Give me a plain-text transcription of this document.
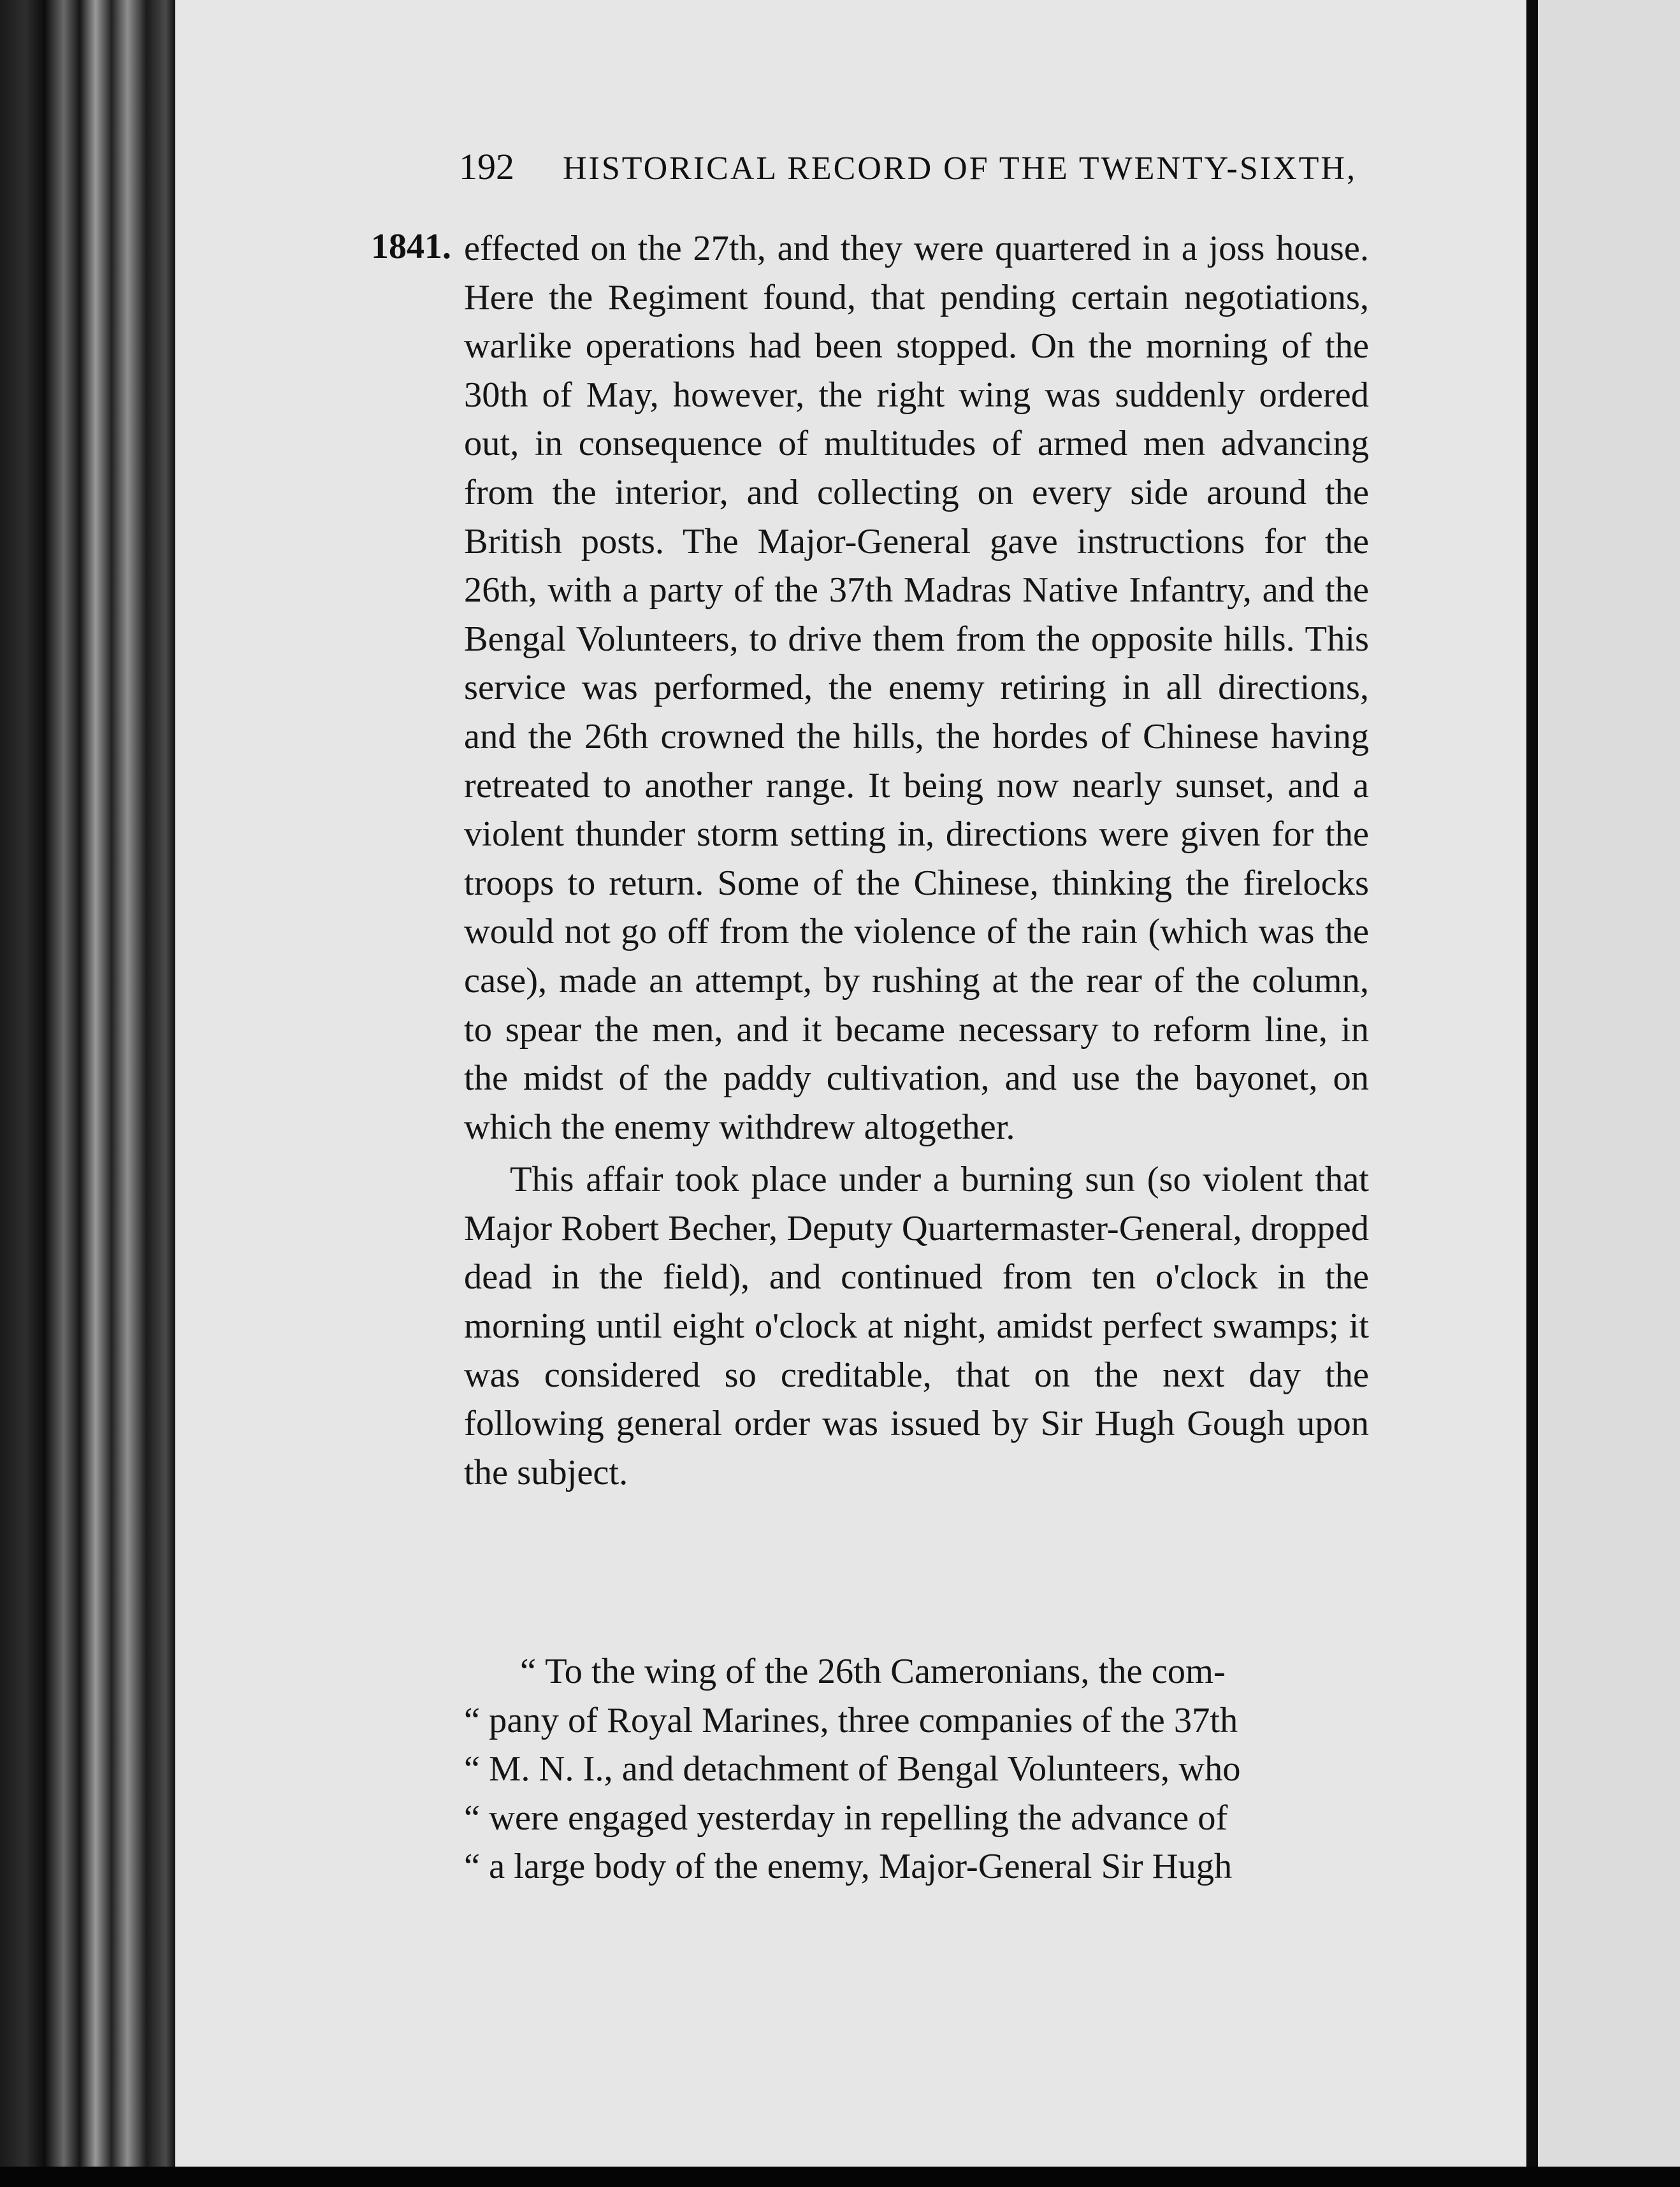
192 HISTORICAL RECORD OF THE TWENTY-SIXTH,
1841. effected on the 27th, and they were quartered in a joss house. Here the Regiment found, that pending certain negotiations, warlike operations had been stopped. On the morning of the 30th of May, however, the right wing was suddenly ordered out, in consequence of multitudes of armed men advancing from the interior, and collecting on every side around the British posts. The Major-General gave instructions for the 26th, with a party of the 37th Madras Native Infantry, and the Bengal Volunteers, to drive them from the opposite hills. This service was performed, the enemy retiring in all directions, and the 26th crowned the hills, the hordes of Chinese having retreated to another range. It being now nearly sunset, and a violent thunder storm setting in, directions were given for the troops to return. Some of the Chinese, thinking the firelocks would not go off from the violence of the rain (which was the case), made an attempt, by rushing at the rear of the column, to spear the men, and it became necessary to reform line, in the midst of the paddy cultivation, and use the bayonet, on which the enemy withdrew altogether.

This affair took place under a burning sun (so violent that Major Robert Becher, Deputy Quartermaster-General, dropped dead in the field), and continued from ten o'clock in the morning until eight o'clock at night, amidst perfect swamps; it was considered so creditable, that on the next day the following general order was issued by Sir Hugh Gough upon the subject.

“ To the wing of the 26th Cameronians, the com-
“ pany of Royal Marines, three companies of the 37th
“ M. N. I., and detachment of Bengal Volunteers, who
“ were engaged yesterday in repelling the advance of
“ a large body of the enemy, Major-General Sir Hugh
